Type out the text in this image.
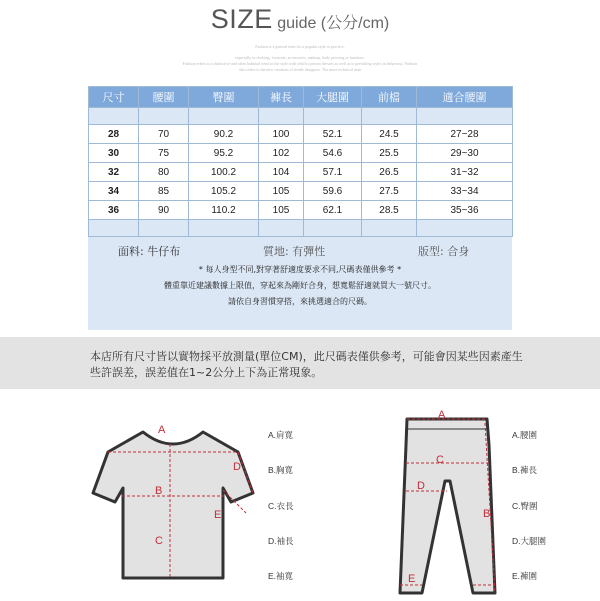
SIZE guide (公分/cm)
Fashion is a general term for a popular style or practice,
especially in clothing, footwear, accessories, makeup, body piercing or furniture.
Fashion refers to a distinctive and often habitual trend in the style with which a person dresses as well as to prevailing styles in behaviour. Fashion
also refers to the new creations of textile designers. The more technical term
尺寸	腰圍	臀圍	褲長	大腿圍	前檔	適合腰圍

28	70	90.2	100	52.1	24.5	27~28
30	75	95.2	102	54.6	25.5	29~30
32	80	100.2	104	57.1	26.5	31~32
34	85	105.2	105	59.6	27.5	33~34
36	90	110.2	105	62.1	28.5	35~36

面料: 牛仔布	質地: 有彈性	版型: 合身
* 每人身型不同,對穿著舒適度要求不同,尺碼表僅供參考 *
體重靠近建議數據上限值，穿起來為剛好合身，想寬鬆舒適就買大一號尺寸。
請依自身習慣穿搭，來挑選適合的尺碼。

本店所有尺寸皆以實物採平放測量(單位CM)，此尺碼表僅供參考，可能會因某些因素產生些許誤差，誤差值在1~2公分上下為正常現象。

A
B
C
D
E
A.肩寬
B.胸寬
C.衣長
D.袖長
E.袖寬
A
B
C
D
E
A.腰圍
B.褲長
C.臀圍
D.大腿圍
E.褲圍
